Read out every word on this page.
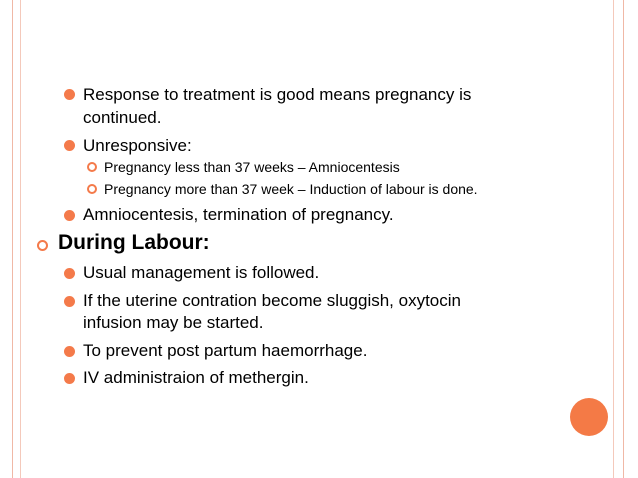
Response to treatment is good means pregnancy is
continued.
Unresponsive:
Pregnancy less than 37 weeks – Amniocentesis
Pregnancy more than 37 week – Induction of labour is done.
Amniocentesis, termination of pregnancy.
During Labour:
Usual management is followed.
If the uterine contration become sluggish, oxytocin
infusion may be started.
To prevent post partum haemorrhage.
IV administraion of methergin.
